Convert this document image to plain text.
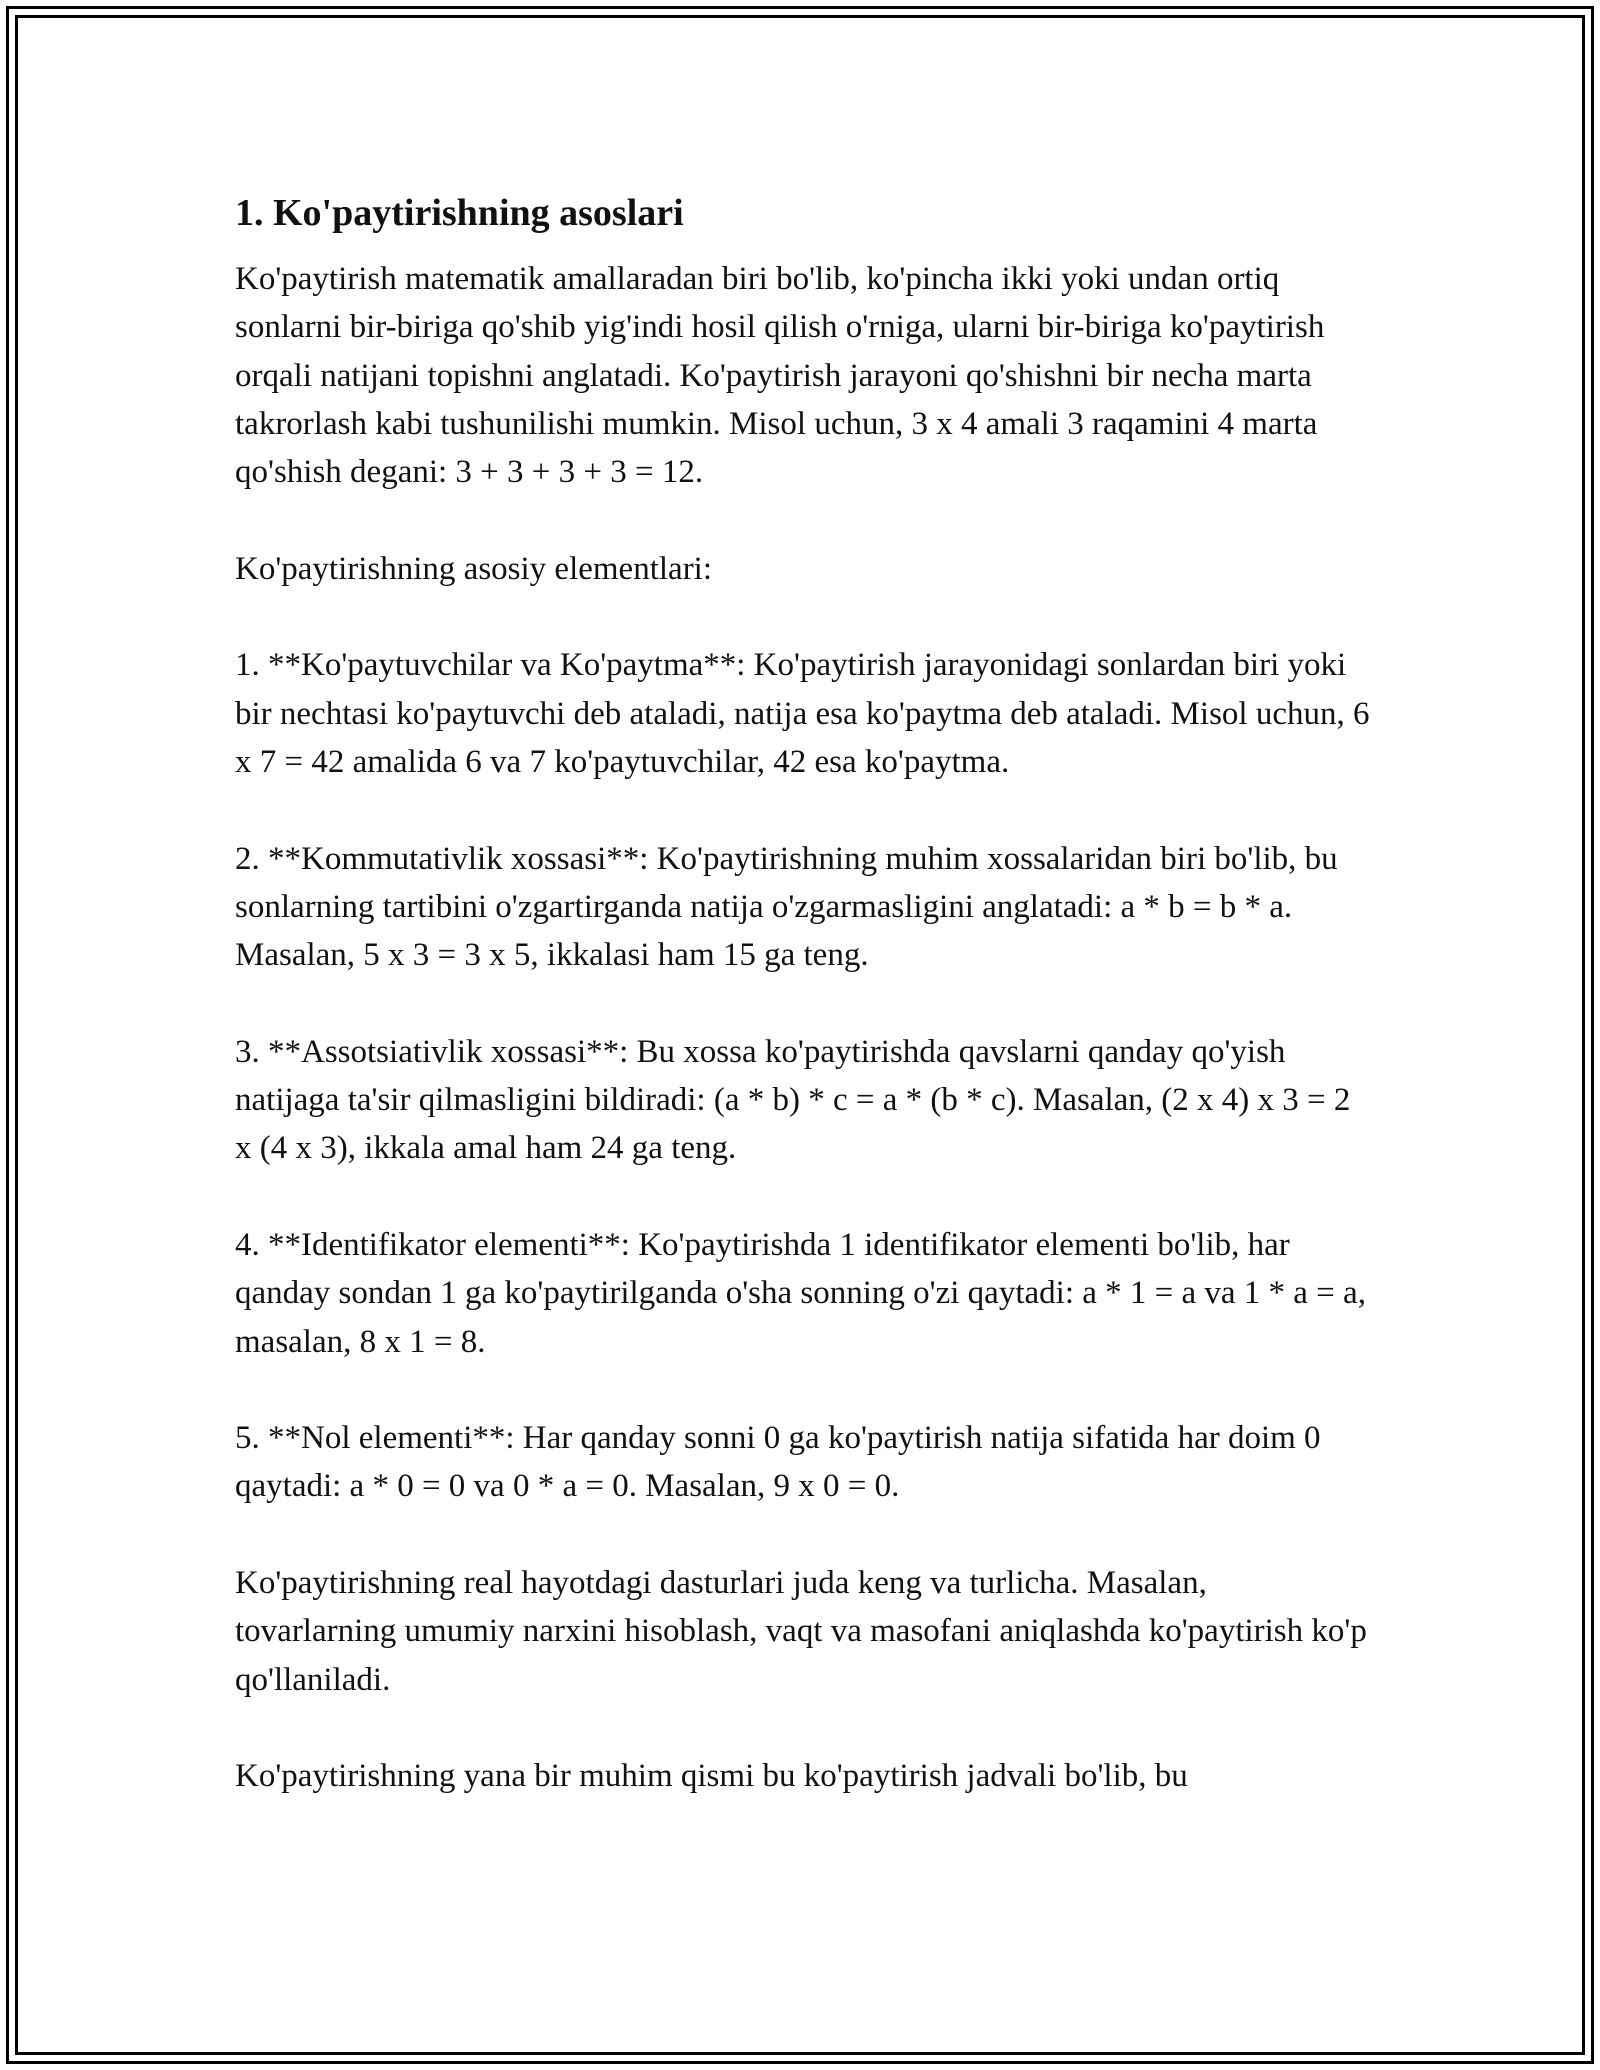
1. Ko'paytirishning asoslari

Ko'paytirish matematik amallaradan biri bo'lib, ko'pincha ikki yoki undan ortiq sonlarni bir-biriga qo'shib yig'indi hosil qilish o'rniga, ularni bir-biriga ko'paytirish orqali natijani topishni anglatadi. Ko'paytirish jarayoni qo'shishni bir necha marta takrorlash kabi tushunilishi mumkin. Misol uchun, 3 x 4 amali 3 raqamini 4 marta qo'shish degani: 3 + 3 + 3 + 3 = 12.

Ko'paytirishning asosiy elementlari:

1. **Ko'paytuvchilar va Ko'paytma**: Ko'paytirish jarayonidagi sonlardan biri yoki bir nechtasi ko'paytuvchi deb ataladi, natija esa ko'paytma deb ataladi. Misol uchun, 6 x 7 = 42 amalida 6 va 7 ko'paytuvchilar, 42 esa ko'paytma.

2. **Kommutativlik xossasi**: Ko'paytirishning muhim xossalaridan biri bo'lib, bu sonlarning tartibini o'zgartirganda natija o'zgarmasligini anglatadi: a * b = b * a. Masalan, 5 x 3 = 3 x 5, ikkalasi ham 15 ga teng.

3. **Assotsiativlik xossasi**: Bu xossa ko'paytirishda qavslarni qanday qo'yish natijaga ta'sir qilmasligini bildiradi: (a * b) * c = a * (b * c). Masalan, (2 x 4) x 3 = 2 x (4 x 3), ikkala amal ham 24 ga teng.

4. **Identifikator elementi**: Ko'paytirishda 1 identifikator elementi bo'lib, har qanday sondan 1 ga ko'paytirilganda o'sha sonning o'zi qaytadi: a * 1 = a va 1 * a = a, masalan, 8 x 1 = 8.

5. **Nol elementi**: Har qanday sonni 0 ga ko'paytirish natija sifatida har doim 0 qaytadi: a * 0 = 0 va 0 * a = 0. Masalan, 9 x 0 = 0.

Ko'paytirishning real hayotdagi dasturlari juda keng va turlicha. Masalan, tovarlarning umumiy narxini hisoblash, vaqt va masofani aniqlashda ko'paytirish ko'p qo'llaniladi.

Ko'paytirishning yana bir muhim qismi bu ko'paytirish jadvali bo'lib, bu
